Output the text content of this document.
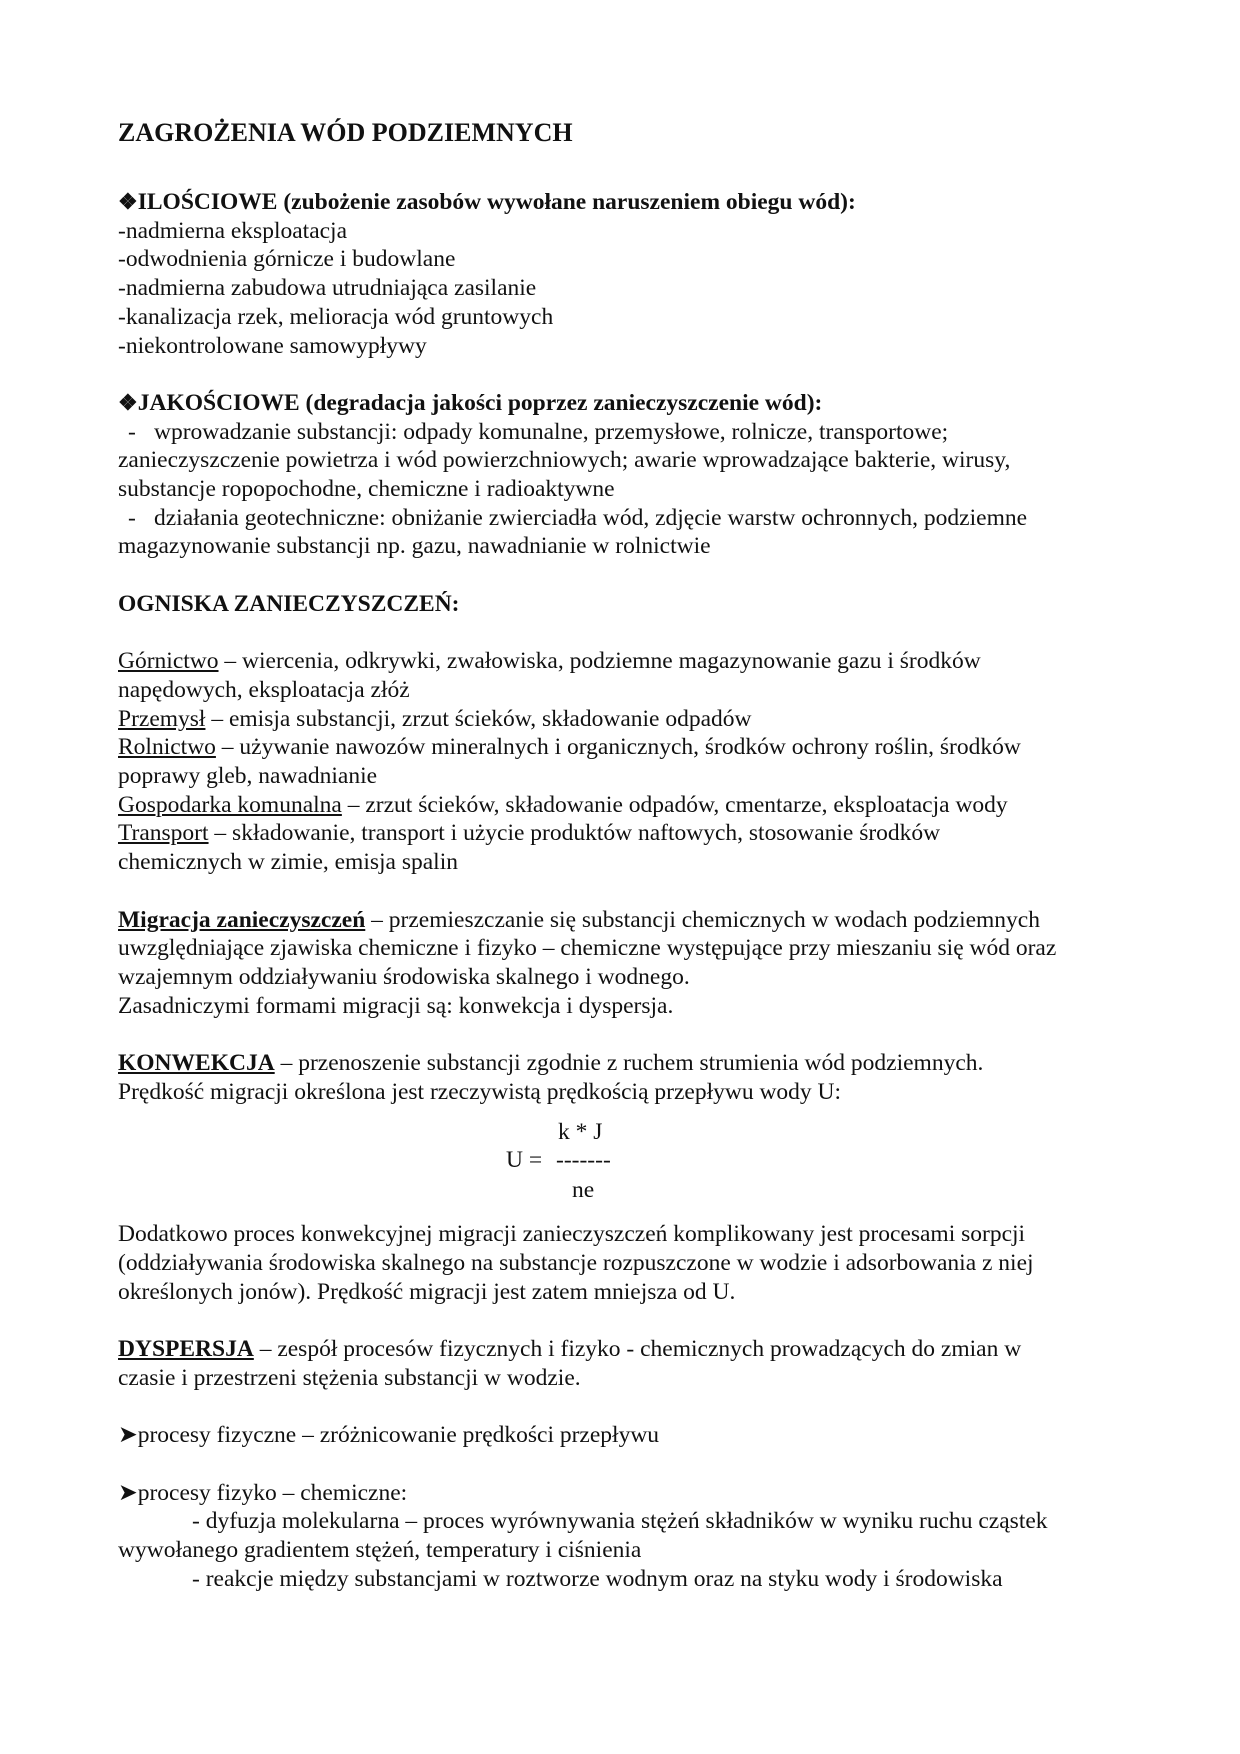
ZAGROŻENIA WÓD PODZIEMNYCH
❖ILOŚCIOWE (zubożenie zasobów wywołane naruszeniem obiegu wód):
-nadmierna eksploatacja
-odwodnienia górnicze i budowlane
-nadmierna zabudowa utrudniająca zasilanie
-kanalizacja rzek, melioracja wód gruntowych
-niekontrolowane samowypływy
❖JAKOŚCIOWE (degradacja jakości poprzez zanieczyszczenie wód):
- wprowadzanie substancji: odpady komunalne, przemysłowe, rolnicze, transportowe;
zanieczyszczenie powietrza i wód powierzchniowych; awarie wprowadzające bakterie, wirusy,
substancje ropopochodne, chemiczne i radioaktywne
- działania geotechniczne: obniżanie zwierciadła wód, zdjęcie warstw ochronnych, podziemne
magazynowanie substancji np. gazu, nawadnianie w rolnictwie
OGNISKA ZANIECZYSZCZEŃ:
Górnictwo – wiercenia, odkrywki, zwałowiska, podziemne magazynowanie gazu i środków
napędowych, eksploatacja złóż
Przemysł – emisja substancji, zrzut ścieków, składowanie odpadów
Rolnictwo – używanie nawozów mineralnych i organicznych, środków ochrony roślin, środków
poprawy gleb, nawadnianie
Gospodarka komunalna – zrzut ścieków, składowanie odpadów, cmentarze, eksploatacja wody
Transport – składowanie, transport i użycie produktów naftowych, stosowanie środków
chemicznych w zimie, emisja spalin
Migracja zanieczyszczeń – przemieszczanie się substancji chemicznych w wodach podziemnych
uwzględniające zjawiska chemiczne i fizyko – chemiczne występujące przy mieszaniu się wód oraz
wzajemnym oddziaływaniu środowiska skalnego i wodnego.
Zasadniczymi formami migracji są: konwekcja i dyspersja.
KONWEKCJA – przenoszenie substancji zgodnie z ruchem strumienia wód podziemnych.
Prędkość migracji określona jest rzeczywistą prędkością przepływu wody U:
k * J
U = -------
ne
Dodatkowo proces konwekcyjnej migracji zanieczyszczeń komplikowany jest procesami sorpcji
(oddziaływania środowiska skalnego na substancje rozpuszczone w wodzie i adsorbowania z niej
określonych jonów). Prędkość migracji jest zatem mniejsza od U.
DYSPERSJA – zespół procesów fizycznych i fizyko - chemicznych prowadzących do zmian w
czasie i przestrzeni stężenia substancji w wodzie.
➤procesy fizyczne – zróżnicowanie prędkości przepływu
➤procesy fizyko – chemiczne:
- dyfuzja molekularna – proces wyrównywania stężeń składników w wyniku ruchu cząstek
wywołanego gradientem stężeń, temperatury i ciśnienia
- reakcje między substancjami w roztworze wodnym oraz na styku wody i środowiska
